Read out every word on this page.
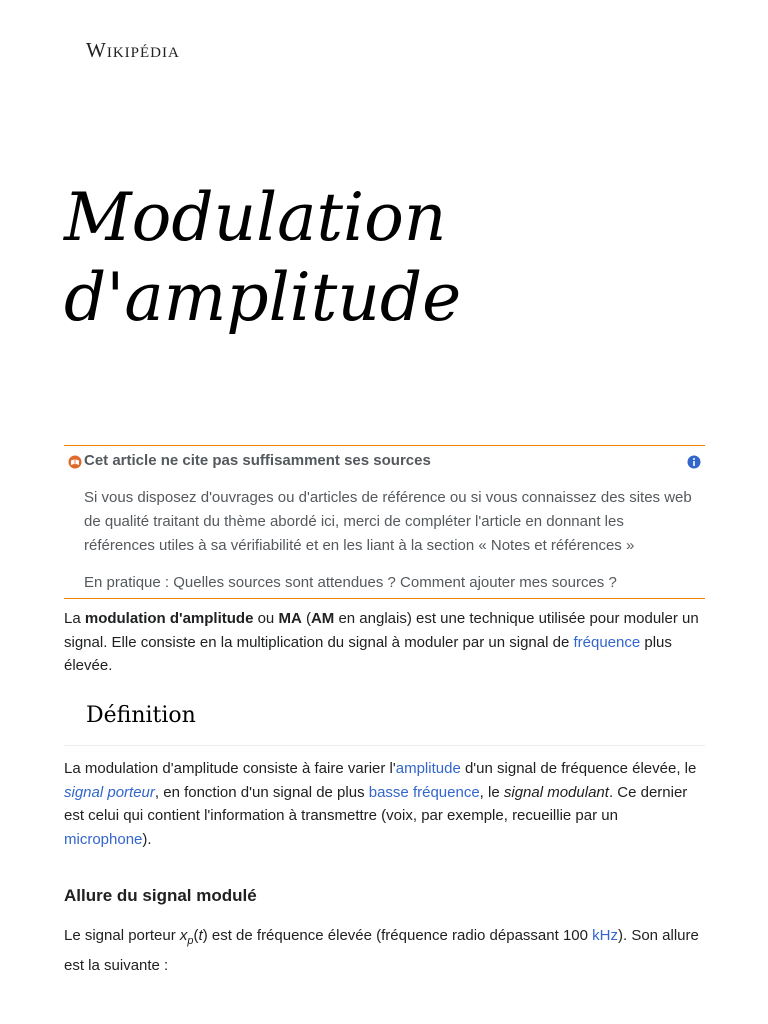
Wikipédia
Modulation d'amplitude
Cet article ne cite pas suffisamment ses sources

Si vous disposez d'ouvrages ou d'articles de référence ou si vous connaissez des sites web de qualité traitant du thème abordé ici, merci de compléter l'article en donnant les références utiles à sa vérifiabilité et en les liant à la section « Notes et références »

En pratique : Quelles sources sont attendues ? Comment ajouter mes sources ?

La modulation d'amplitude ou MA (AM en anglais) est une technique utilisée pour moduler un signal. Elle consiste en la multiplication du signal à moduler par un signal de fréquence plus élevée.

Définition

La modulation d'amplitude consiste à faire varier l'amplitude d'un signal de fréquence élevée, le signal porteur, en fonction d'un signal de plus basse fréquence, le signal modulant. Ce dernier est celui qui contient l'information à transmettre (voix, par exemple, recueillie par un microphone).

Allure du signal modulé

Le signal porteur $x_p(t)$ est de fréquence élevée (fréquence radio dépassant 100 kHz). Son allure est la suivante :
